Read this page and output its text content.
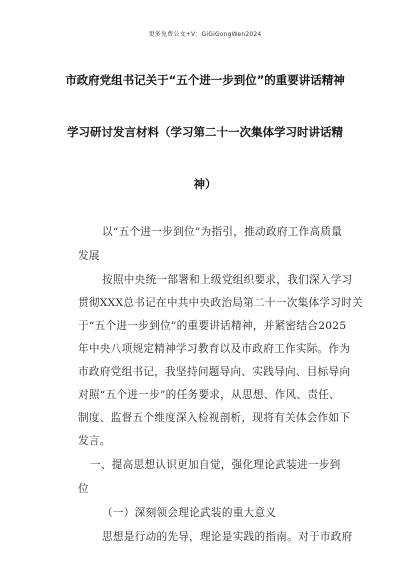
更多免费公文+V：GiGiGongWen2024
市政府党组书记关于“五个进一步到位”的重要讲话精神
学习研讨发言材料（学习第二十一次集体学习时讲话精
神）
以“五个进一步到位”为指引，推动政府工作高质量
发展
按照中央统一部署和上级党组织要求，我们深入学习
贯彻XXX总书记在中共中央政治局第二十一次集体学习时关
于“五个进一步到位”的重要讲话精神，并紧密结合2025
年中央八项规定精神学习教育以及市政府工作实际。作为
市政府党组书记，我坚持问题导向、实践导向、目标导向
对照“五个进一步”的任务要求，从思想、作风、责任、
制度、监督五个维度深入检视剖析，现将有关体会作如下
发言。
一、提高思想认识更加自觉，强化理论武装进一步到
位
（一）深刻领会理论武装的重大意义
思想是行动的先导，理论是实践的指南。对于市政府
